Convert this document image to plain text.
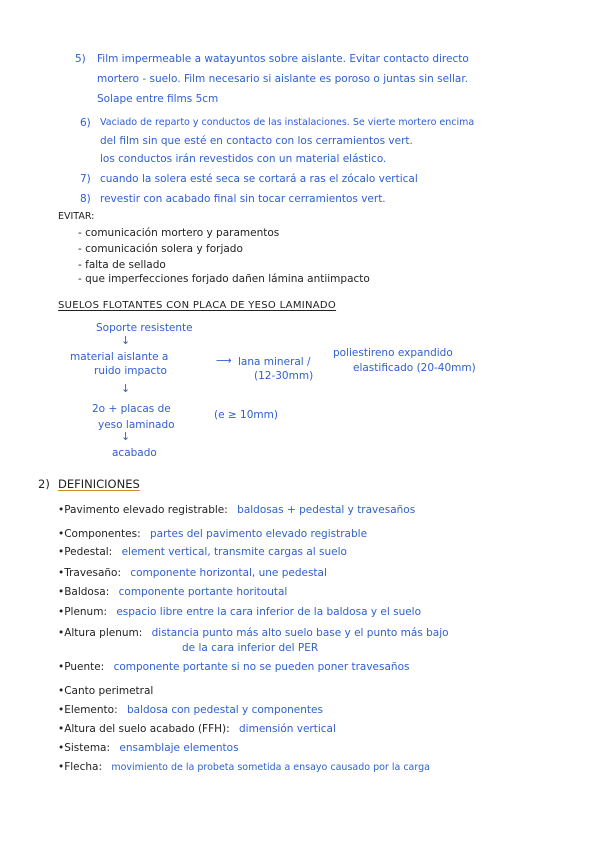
5) Film impermeable a watayuntos sobre aislante. Evitar contacto directo
mortero - suelo. Film necesario si aislante es poroso o juntas sin sellar.
Solape entre films 5cm
6) Vaciado de reparto y conductos de las instalaciones. Se vierte mortero encima
del film sin que esté en contacto con los cerramientos vert.
los conductos irán revestidos con un material elástico.
7) cuando la solera esté seca se cortará a ras el zócalo vertical
8) revestir con acabado final sin tocar cerramientos vert.
EVITAR:
- comunicación mortero y paramentos
- comunicación solera y forjado
- falta de sellado
- que imperfecciones forjado dañen lámina antiimpacto
SUELOS FLOTANTES CON PLACA DE YESO LAMINADO
Soporte resistente
↓
material aislante a
ruido impacto
⟶ lana mineral /
(12-30mm)
poliestireno expandido
elastificado (20-40mm)
↓
2o + placas de
yeso laminado
(e ≥ 10mm)
↓
acabado
2) DEFINICIONES
•Pavimento elevado registrable: baldosas + pedestal y travesaños
•Componentes: partes del pavimento elevado registrable
•Pedestal: element vertical, transmite cargas al suelo
•Travesaño: componente horizontal, une pedestal
•Baldosa: componente portante horitoutal
•Plenum: espacio libre entre la cara inferior de la baldosa y el suelo
•Altura plenum: distancia punto más alto suelo base y el punto más bajo
de la cara inferior del PER
•Puente: componente portante si no se pueden poner travesaños
•Canto perimetral
•Elemento: baldosa con pedestal y componentes
•Altura del suelo acabado (FFH): dimensión vertical
•Sistema: ensamblaje elementos
•Flecha: movimiento de la probeta sometida a ensayo causado por la carga
